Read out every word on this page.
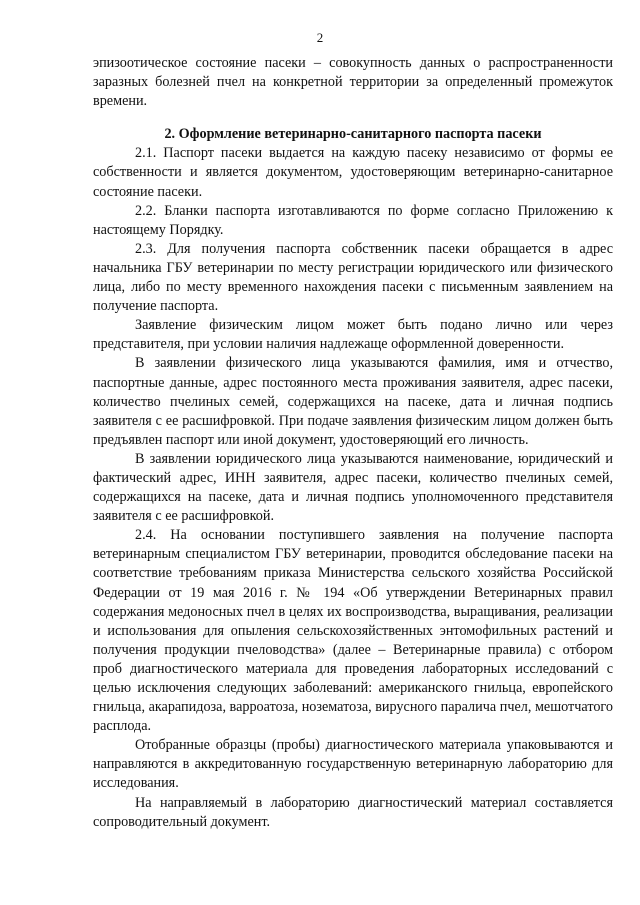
2

эпизоотическое состояние пасеки – совокупность данных о распространенности заразных болезней пчел на конкретной территории за определенный промежуток времени.

2. Оформление ветеринарно-санитарного паспорта пасеки

2.1. Паспорт пасеки выдается на каждую пасеку независимо от формы ее собственности и является документом, удостоверяющим ветеринарно-санитарное состояние пасеки.

2.2. Бланки паспорта изготавливаются по форме согласно Приложению к настоящему Порядку.

2.3. Для получения паспорта собственник пасеки обращается в адрес начальника ГБУ ветеринарии по месту регистрации юридического или физического лица, либо по месту временного нахождения пасеки с письменным заявлением на получение паспорта.

Заявление физическим лицом может быть подано лично или через представителя, при условии наличия надлежаще оформленной доверенности.

В заявлении физического лица указываются фамилия, имя и отчество, паспортные данные, адрес постоянного места проживания заявителя, адрес пасеки, количество пчелиных семей, содержащихся на пасеке, дата и личная подпись заявителя с ее расшифровкой. При подаче заявления физическим лицом должен быть предъявлен паспорт или иной документ, удостоверяющий его личность.

В заявлении юридического лица указываются наименование, юридический и фактический адрес, ИНН заявителя, адрес пасеки, количество пчелиных семей, содержащихся на пасеке, дата и личная подпись уполномоченного представителя заявителя с ее расшифровкой.

2.4. На основании поступившего заявления на получение паспорта ветеринарным специалистом ГБУ ветеринарии, проводится обследование пасеки на соответствие требованиям приказа Министерства сельского хозяйства Российской Федерации от 19 мая 2016 г. № 194 «Об утверждении Ветеринарных правил содержания медоносных пчел в целях их воспроизводства, выращивания, реализации и использования для опыления сельскохозяйственных энтомофильных растений и получения продукции пчеловодства» (далее – Ветеринарные правила) с отбором проб диагностического материала для проведения лабораторных исследований с целью исключения следующих заболеваний: американского гнильца, европейского гнильца, акарапидоза, варроатоза, нозематоза, вирусного паралича пчел, мешотчатого расплода.

Отобранные образцы (пробы) диагностического материала упаковываются и направляются в аккредитованную государственную ветеринарную лабораторию для исследования.

На направляемый в лабораторию диагностический материал составляется сопроводительный документ.
